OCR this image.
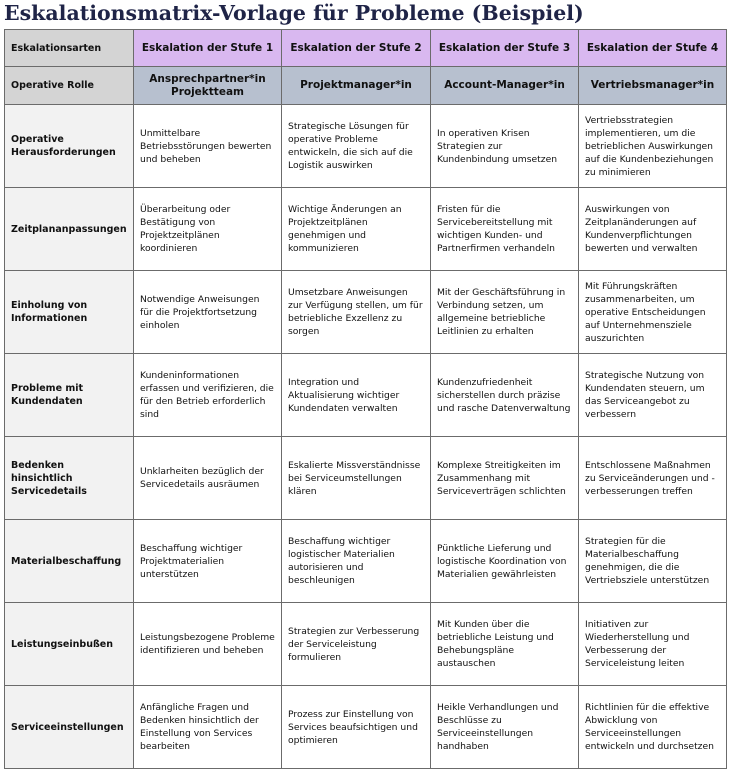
Eskalationsmatrix-Vorlage für Probleme (Beispiel)
Eskalationsarten	Eskalation der Stufe 1	Eskalation der Stufe 2	Eskalation der Stufe 3	Eskalation der Stufe 4
Operative Rolle	Ansprechpartner*in Projektteam	Projektmanager*in	Account-Manager*in	Vertriebsmanager*in
Operative Herausforderungen	Unmittelbare Betriebsstörungen bewerten und beheben	Strategische Lösungen für operative Probleme entwickeln, die sich auf die Logistik auswirken	In operativen Krisen Strategien zur Kundenbindung umsetzen	Vertriebsstrategien implementieren, um die betrieblichen Auswirkungen auf die Kundenbeziehungen zu minimieren
Zeitplananpassungen	Überarbeitung oder Bestätigung von Projektzeitplänen koordinieren	Wichtige Änderungen an Projektzeitplänen genehmigen und kommunizieren	Fristen für die Servicebereitstellung mit wichtigen Kunden- und Partnerfirmen verhandeln	Auswirkungen von Zeitplanänderungen auf Kundenverpflichtungen bewerten und verwalten
Einholung von Informationen	Notwendige Anweisungen für die Projektfortsetzung einholen	Umsetzbare Anweisungen zur Verfügung stellen, um für betriebliche Exzellenz zu sorgen	Mit der Geschäftsführung in Verbindung setzen, um allgemeine betriebliche Leitlinien zu erhalten	Mit Führungskräften zusammenarbeiten, um operative Entscheidungen auf Unternehmensziele auszurichten
Probleme mit Kundendaten	Kundeninformationen erfassen und verifizieren, die für den Betrieb erforderlich sind	Integration und Aktualisierung wichtiger Kundendaten verwalten	Kundenzufriedenheit sicherstellen durch präzise und rasche Datenverwaltung	Strategische Nutzung von Kundendaten steuern, um das Serviceangebot zu verbessern
Bedenken hinsichtlich Servicedetails	Unklarheiten bezüglich der Servicedetails ausräumen	Eskalierte Missverständnisse bei Serviceumstellungen klären	Komplexe Streitigkeiten im Zusammenhang mit Serviceverträgen schlichten	Entschlossene Maßnahmen zu Serviceänderungen und -verbesserungen treffen
Materialbeschaffung	Beschaffung wichtiger Projektmaterialien unterstützen	Beschaffung wichtiger logistischer Materialien autorisieren und beschleunigen	Pünktliche Lieferung und logistische Koordination von Materialien gewährleisten	Strategien für die Materialbeschaffung genehmigen, die die Vertriebsziele unterstützen
Leistungseinbußen	Leistungsbezogene Probleme identifizieren und beheben	Strategien zur Verbesserung der Serviceleistung formulieren	Mit Kunden über die betriebliche Leistung und Behebungspläne austauschen	Initiativen zur Wiederherstellung und Verbesserung der Serviceleistung leiten
Serviceeinstellungen	Anfängliche Fragen und Bedenken hinsichtlich der Einstellung von Services bearbeiten	Prozess zur Einstellung von Services beaufsichtigen und optimieren	Heikle Verhandlungen und Beschlüsse zu Serviceeinstellungen handhaben	Richtlinien für die effektive Abwicklung von Serviceeinstellungen entwickeln und durchsetzen
